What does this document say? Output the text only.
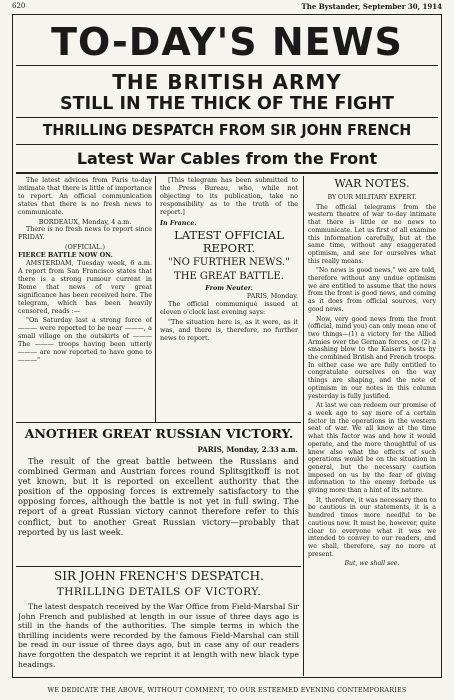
620	The Bystander, September 30, 1914
TO-DAY'S NEWS
THE BRITISH ARMY
STILL IN THE THICK OF THE FIGHT
THRILLING DESPATCH FROM SIR JOHN FRENCH
Latest War Cables from the Front

The latest advices from Paris to-day intimate that there is little of importance to report. An official communication states that there is no fresh news to communicate.

BORDEAUX, Monday, 4 a.m.

There is no fresh news to report since FRIDAY.

(OFFICIAL.)
FIERCE BATTLE NOW ON.

AMSTERDAM, Tuesday week, 6 a.m. A report from San Francisco states that there is a strong rumour current in Rome that news of very great significance has been received here. The telegram, which has been heavily censored, reads :—

"On Saturday last a strong force of ——— were reported to be near ———, a small village on the outskirts of ——— The ——— troops having been utterly ——— are now reported to have gone to ———"

[This telegram has been submitted to the Press Bureau, who, while not objecting to its publication, take no responsibility as to the truth of the report.]

In France.
LATEST OFFICIAL REPORT.
"NO FURTHER NEWS."
THE GREAT BATTLE.
From Neuter.
PARIS, Monday.

The official communiqué issued at eleven o'clock last evening says:

"The situation here is, as it were, as it was, and there is, therefore, no further news to report.

WAR NOTES.
BY OUR MILITARY EXPERT.

The official telegrams from the western theatre of war to-day intimate that there is little or no news to communicate. Let us first of all examine this information carefully, but at the same time, without any exaggerated optimism, and see for ourselves what this really means.

"No news is good news," we are told, therefore without any undue optimism we are entitled to assume that the news from the front is good news, and coming as it does from official sources, very good news.

Now, very good news from the front (official, mind you) can only mean one of two things—(1) a victory for the Allied Armies over the German forces, or (2) a smashing blow to the Kaiser's hosts by the combined British and French troops. In either case we are fully entitled to congratulate ourselves on the way things are shaping, and the note of optimism in our notes in this column yesterday is fully justified.

At last we can redeem our promise of a week ago to say more of a certain factor in the operations in the western seat of war. We all know at the time what this factor was and how it would operate, and the more thoughtful of us knew also what the effects of such operations would be on the situation in general, but the necessary caution imposed on us by the fear of giving information to the enemy forbade us giving more than a hint of its nature.

It, therefore, it was necessary then to be cautious in our statements, it is a hundred times more needful to be cautious now. It must be, however, quite clear to everyone what it was we intended to convey to our readers, and we shall, therefore, say no more at present.

But, we shall see.
ANOTHER GREAT RUSSIAN VICTORY.
PARIS, Monday, 2.33 a.m.

The result of the great battle between the Russians and combined German and Austrian forces round Splitsgitkoff is not yet known, but it is reported on excellent authority that the position of the opposing forces is extremely satisfactory to the opposing forces, although the battle is not yet in full swing. The report of a great Russian victory cannot therefore refer to this conflict, but to another Great Russian victory—probably that reported by us last week.

SIR JOHN FRENCH'S DESPATCH.
THRILLING DETAILS OF VICTORY.

The latest despatch received by the War Office from Field-Marshal Sir John French and published at length in our issue of three days ago is still in the hands of the authorities. The simple terms in which the thrilling incidents were recorded by the famous Field-Marshal can still be read in our issue of three days ago, but in case any of our readers have forgotten the despatch we reprint it at length with new black type headings.

WE DEDICATE THE ABOVE, WITHOUT COMMENT, TO OUR ESTEEMED EVENING CONTEMPORARIES
